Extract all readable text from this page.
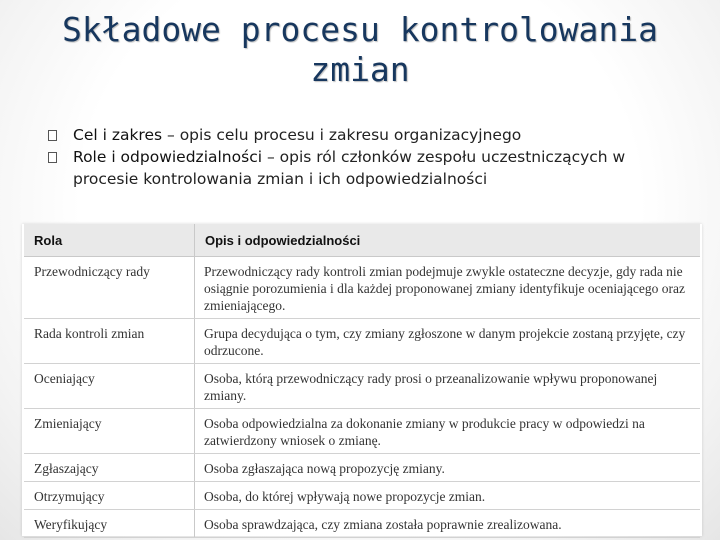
Składowe procesu kontrolowania
zmian
Cel i zakres – opis celu procesu i zakresu organizacyjnego
Role i odpowiedzialności – opis ról członków zespołu uczestniczących w procesie kontrolowania zmian i ich odpowiedzialności
Rola	Opis i odpowiedzialności
Przewodniczący rady	Przewodniczący rady kontroli zmian podejmuje zwykle ostateczne decyzje, gdy rada nie osiągnie porozumienia i dla każdej proponowanej zmiany identyfikuje oceniającego oraz zmieniającego.
Rada kontroli zmian	Grupa decydująca o tym, czy zmiany zgłoszone w danym projekcie zostaną przyjęte, czy odrzucone.
Oceniający	Osoba, którą przewodniczący rady prosi o przeanalizowanie wpływu proponowanej zmiany.
Zmieniający	Osoba odpowiedzialna za dokonanie zmiany w produkcie pracy w odpowiedzi na zatwierdzony wniosek o zmianę.
Zgłaszający	Osoba zgłaszająca nową propozycję zmiany.
Otrzymujący	Osoba, do której wpływają nowe propozycje zmian.
Weryfikujący	Osoba sprawdzająca, czy zmiana została poprawnie zrealizowana.
